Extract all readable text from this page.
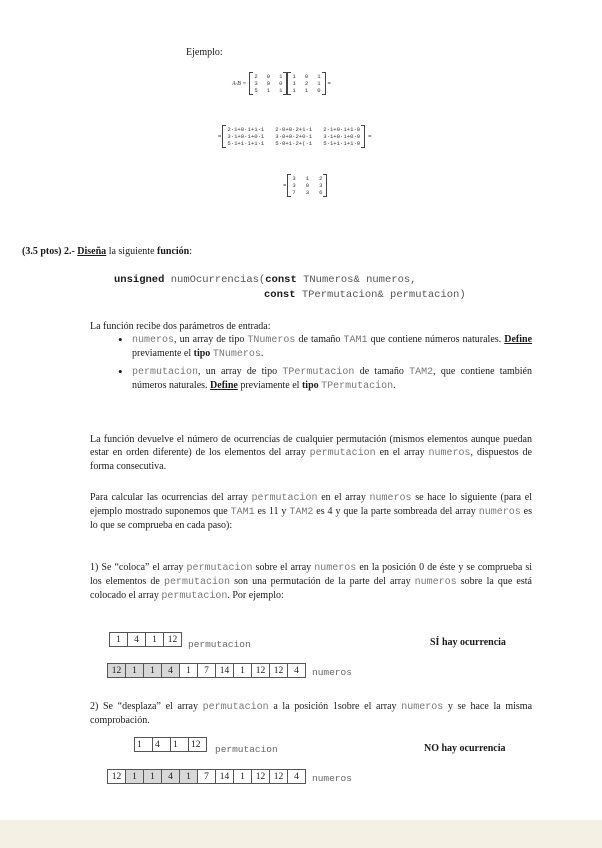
Ejemplo:
A·B =
2 0 1
3 0 0
5 1 1
1 0 1
1 2 1
1 1 0
=
=
2·1+0·1+1·1 2·0+0·2+1·1 2·1+0·1+1·0
3·1+0·1+0·1 3·0+0·2+0·1 3·1+0·1+0·0
5·1+1·1+1·1 5·0+1·2+(·1 5·1+1·1+1·0
=
=
3 1 2
3 0 3
7 3 6
(3.5 ptos) 2.- Diseña la siguiente función:
unsigned numOcurrencias(const TNumeros& numeros,
const TPermutacion& permutacion)
La función recibe dos parámetros de entrada:
• numeros, un array de tipo TNumeros de tamaño TAM1 que contiene números naturales. Define previamente el tipo TNumeros.
• permutacion, un array de tipo TPermutacion de tamaño TAM2, que contiene también números naturales. Define previamente el tipo TPermutacion.
La función devuelve el número de ocurrencias de cualquier permutación (mismos elementos aunque puedan estar en orden diferente) de los elementos del array permutacion en el array numeros, dispuestos de forma consecutiva.
Para calcular las ocurrencias del array permutacion en el array numeros se hace lo siguiente (para el ejemplo mostrado suponemos que TAM1 es 11 y TAM2 es 4 y que la parte sombreada del array numeros es lo que se comprueba en cada paso):
1) Se “coloca” el array permutacion sobre el array numeros en la posición 0 de éste y se comprueba si los elementos de permutacion son una permutación de la parte del array numeros sobre la que está colocado el array permutacion. Por ejemplo:
1	4	1	12	permutacion	SÍ hay ocurrencia
12	1	1	4	1	7	14	1	12 12	4	numeros
2) Se “desplaza” el array permutacion a la posición 1sobre el array numeros y se hace la misma comprobación.
1	4	1	12	permutacion	NO hay ocurrencia
12	1	1	4	1	7	14	1	12 12	4	numeros
